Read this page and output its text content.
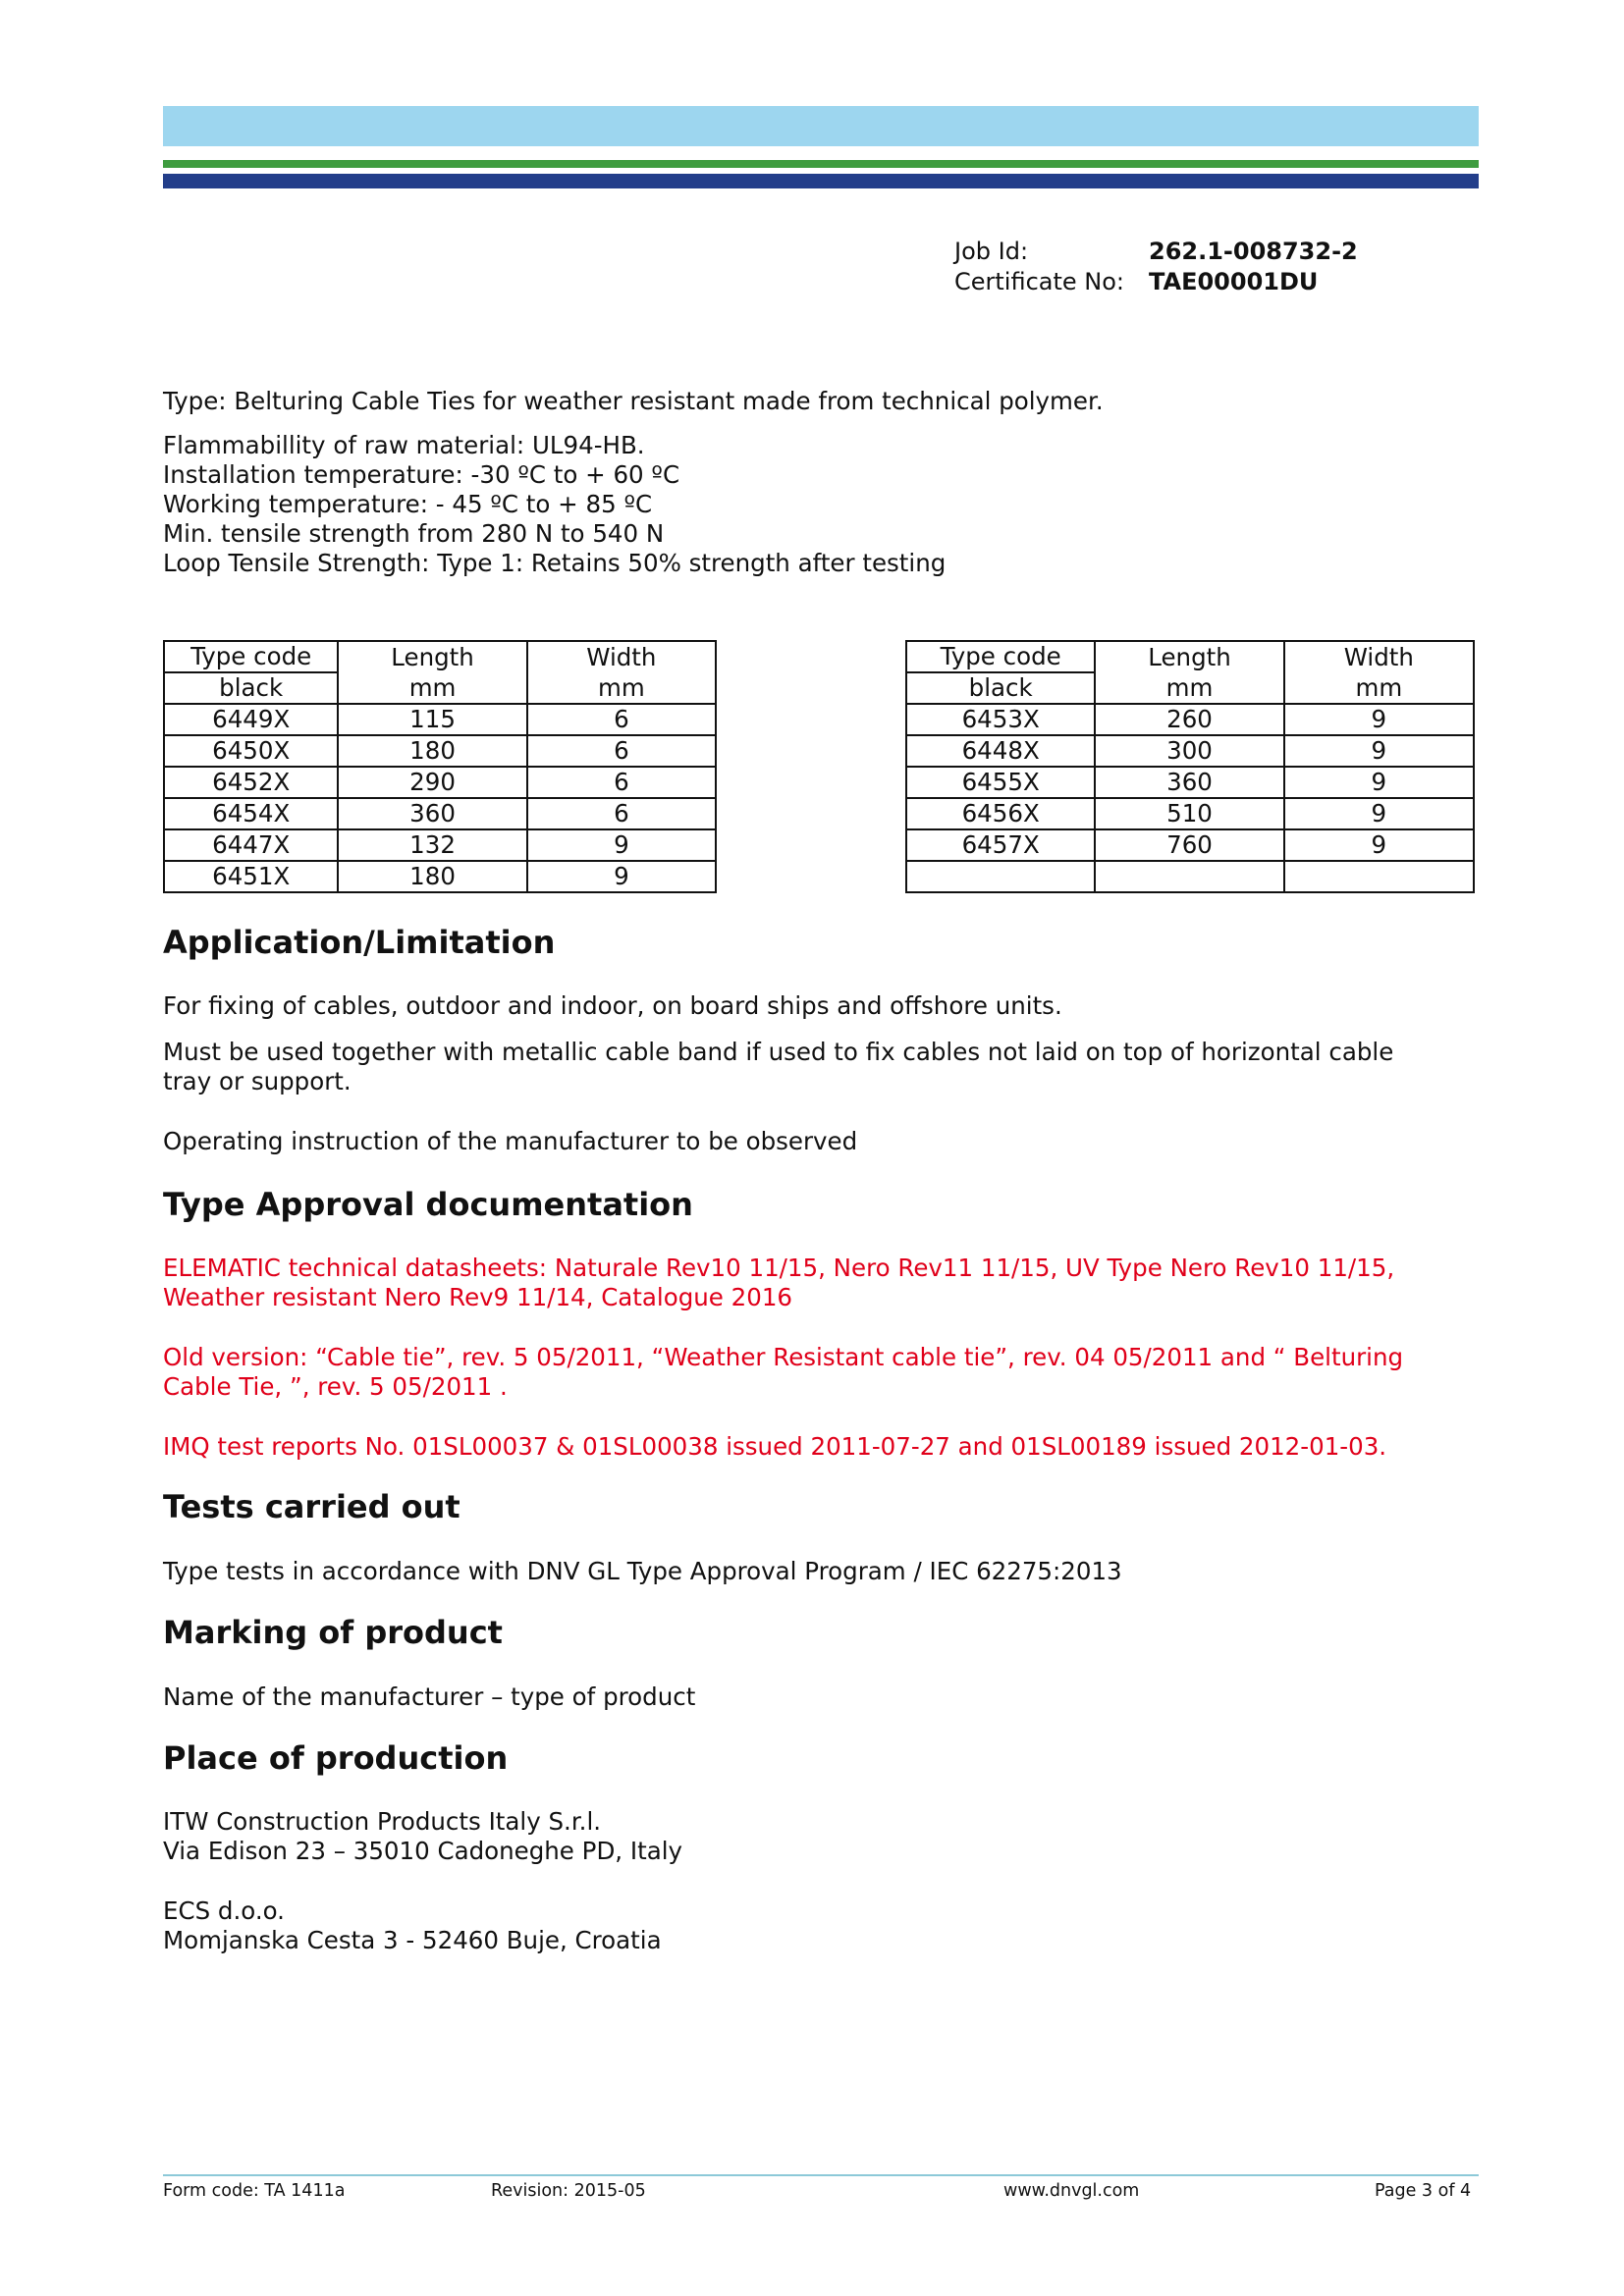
Job Id:	262.1-008732-2
Certificate No:	TAE00001DU
Type: Belturing Cable Ties for weather resistant made from technical polymer.
Flammabillity of raw material: UL94-HB.
Installation temperature: -30 ºC to + 60 ºC
Working temperature: - 45 ºC to + 85 ºC
Min. tensile strength from 280 N to 540 N
Loop Tensile Strength: Type 1: Retains 50% strength after testing
Type code	Length	Width
black	mm	mm
6449X	115	6
6450X	180	6
6452X	290	6
6454X	360	6
6447X	132	9
6451X	180	9
Type code	Length	Width
black	mm	mm
6453X	260	9
6448X	300	9
6455X	360	9
6456X	510	9
6457X	760	9

Application/Limitation
For fixing of cables, outdoor and indoor, on board ships and offshore units.
Must be used together with metallic cable band if used to fix cables not laid on top of horizontal cable
tray or support.
Operating instruction of the manufacturer to be observed
Type Approval documentation
ELEMATIC technical datasheets: Naturale Rev10 11/15, Nero Rev11 11/15, UV Type Nero Rev10 11/15,
Weather resistant Nero Rev9 11/14, Catalogue 2016
Old version: “Cable tie”, rev. 5 05/2011, “Weather Resistant cable tie”, rev. 04 05/2011 and “ Belturing
Cable Tie, ”, rev. 5 05/2011 .
IMQ test reports No. 01SL00037 & 01SL00038 issued 2011-07-27 and 01SL00189 issued 2012-01-03.
Tests carried out
Type tests in accordance with DNV GL Type Approval Program / IEC 62275:2013
Marking of product
Name of the manufacturer – type of product
Place of production
ITW Construction Products Italy S.r.l.
Via Edison 23 – 35010 Cadoneghe PD, Italy
ECS d.o.o.
Momjanska Cesta 3 - 52460 Buje, Croatia
Form code: TA 1411a	Revision: 2015-05	www.dnvgl.com	Page 3 of 4
